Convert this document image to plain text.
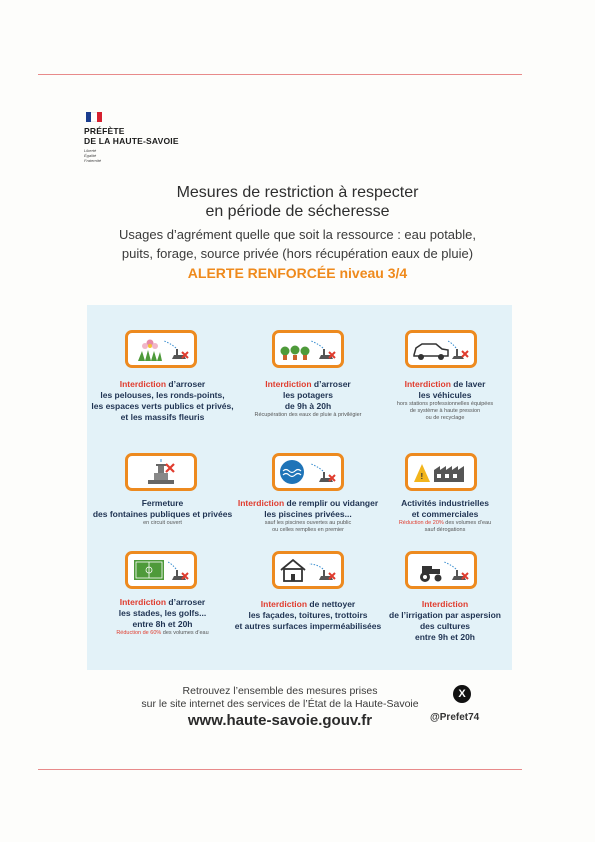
PRÉFÈTE
DE LA HAUTE-SAVOIE
Liberté
Égalité
Fraternité
Mesures de restriction à respecter
en période de sécheresse
Usages d’agrément quelle que soit la ressource : eau potable,
puits, forage, source privée (hors récupération eaux de pluie)
ALERTE RENFORCÉE niveau 3/4
Interdiction d’arroser
les pelouses, les ronds-points,
les espaces verts publics et privés,
et les massifs fleuris
Interdiction d’arroser
les potagers
de 9h à 20h
Récupération des eaux de pluie à privilégier
Interdiction de laver
les véhicules
hors stations professionnelles équipées
de système à haute pression
ou de recyclage
!
Fermeture
des fontaines publiques et privées
en circuit ouvert
Interdiction de remplir ou vidanger
les piscines privées...
sauf les piscines ouvertes au public
ou celles remplies en premier
Activités industrielles
et commerciales
Réduction de 20% des volumes d’eau
sauf dérogations
Interdiction d’arroser
les stades, les golfs...
entre 8h et 20h
Réduction de 60% des volumes d’eau
Interdiction de nettoyer
les façades, toitures, trottoirs
et autres surfaces imperméabilisées
Interdiction
de l’irrigation par aspersion
des cultures
entre 9h et 20h
Retrouvez l’ensemble des mesures prises
sur le site internet des services de l’État de la Haute-Savoie
www.haute-savoie.gouv.fr
X
@Prefet74
